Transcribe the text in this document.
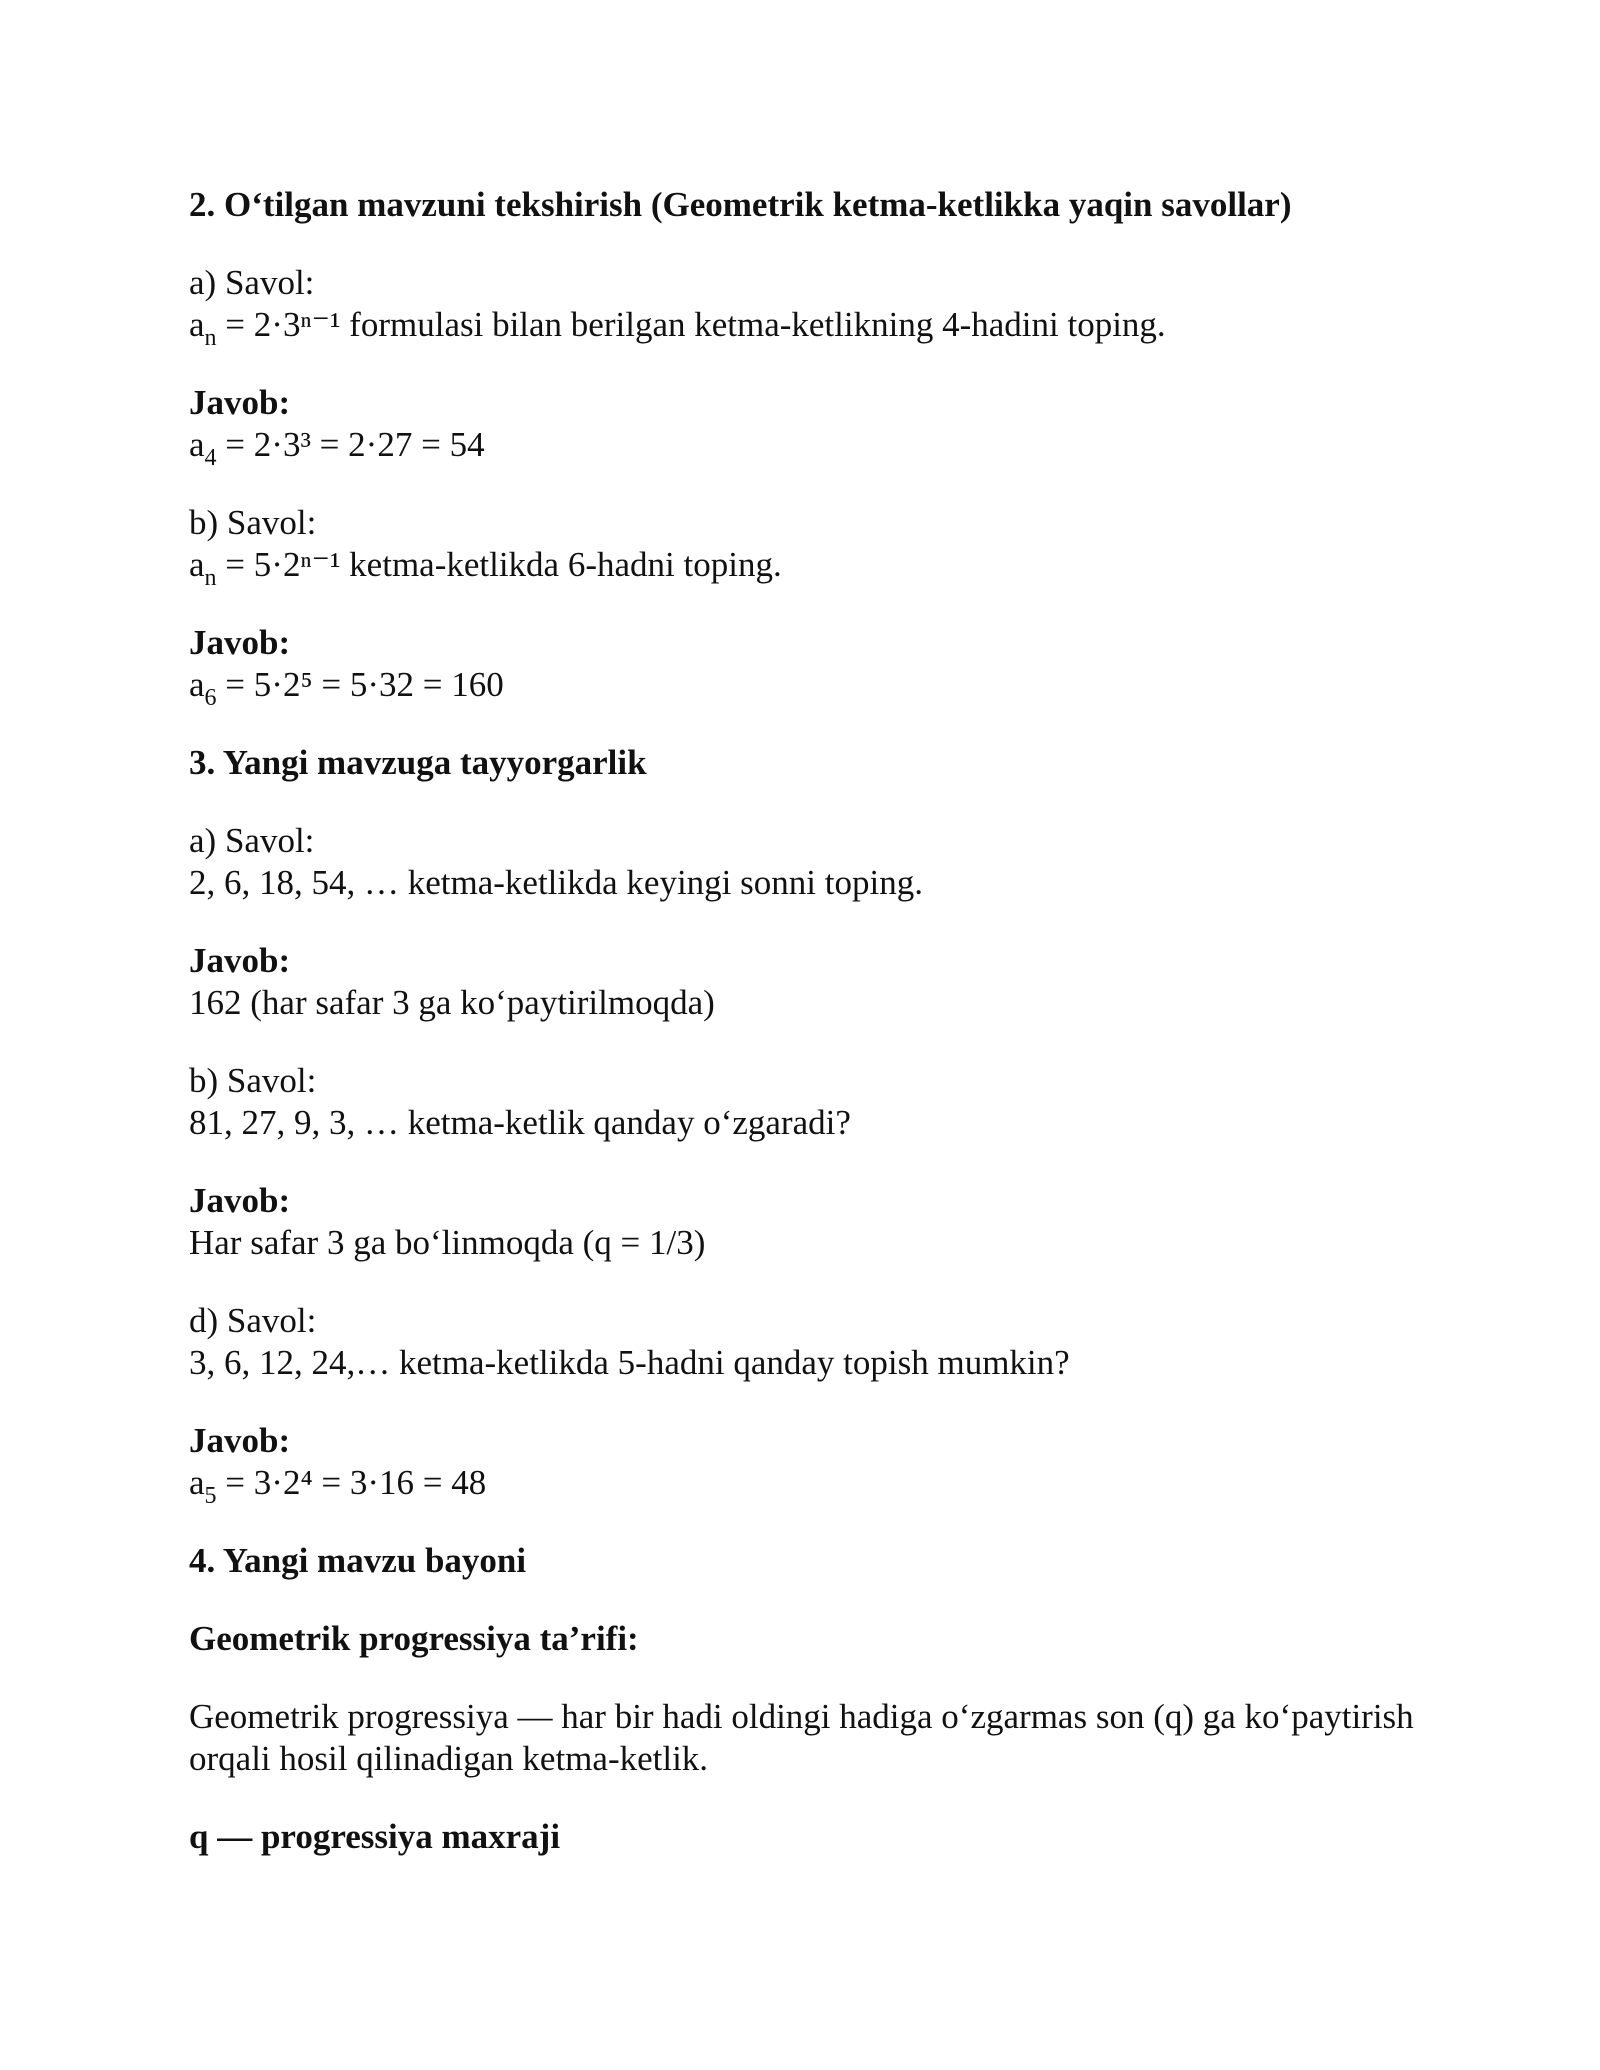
2. O‘tilgan mavzuni tekshirish (Geometrik ketma-ketlikka yaqin savollar)
a) Savol:
$a_n = 2\cdot 3^{n-1}$ formulasi bilan berilgan ketma-ketlikning 4-hadini toping.
Javob:
$a_4 = 2\cdot 3^3 = 2\cdot 27 = 54$
b) Savol:
$a_n = 5\cdot 2^{n-1}$ ketma-ketlikda 6-hadni toping.
Javob:
$a_6 = 5\cdot 2^5 = 5\cdot 32 = 160$
3. Yangi mavzuga tayyorgarlik
a) Savol:
2, 6, 18, 54, … ketma-ketlikda keyingi sonni toping.
Javob:
162 (har safar 3 ga ko‘paytirilmoqda)
b) Savol:
81, 27, 9, 3, … ketma-ketlik qanday o‘zgaradi?
Javob:
Har safar 3 ga bo‘linmoqda (q = 1/3)
d) Savol:
3, 6, 12, 24,… ketma-ketlikda 5-hadni qanday topish mumkin?
Javob:
$a_5 = 3\cdot 2^4 = 3\cdot 16 = 48$
4. Yangi mavzu bayoni
Geometrik progressiya ta’rifi:
Geometrik progressiya — har bir hadi oldingi hadiga o‘zgarmas son (q) ga ko‘paytirish orqali hosil qilinadigan ketma-ketlik.
q — progressiya maxraji
